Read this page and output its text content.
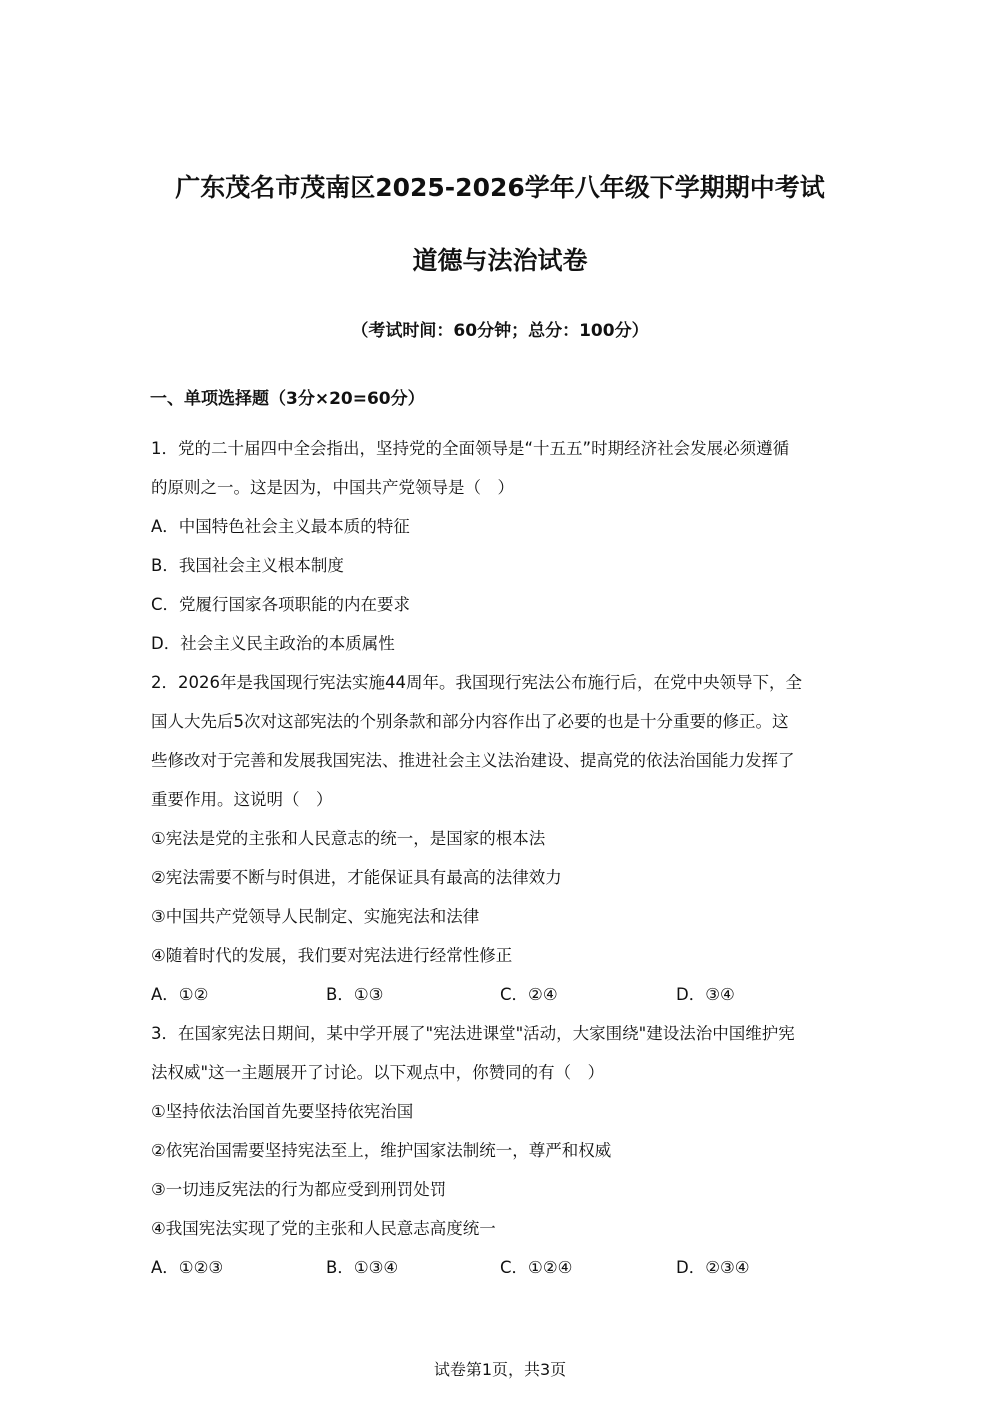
广东茂名市茂南区2025-2026学年八年级下学期期中考试
道德与法治试卷
（考试时间：60分钟；总分：100分）
一、单项选择题（3分×20=60分）
1．党的二十届四中全会指出，坚持党的全面领导是“十五五”时期经济社会发展必须遵循
的原则之一。这是因为，中国共产党领导是（　）
A．中国特色社会主义最本质的特征
B．我国社会主义根本制度
C．党履行国家各项职能的内在要求
D．社会主义民主政治的本质属性
2．2026年是我国现行宪法实施44周年。我国现行宪法公布施行后，在党中央领导下，全
国人大先后5次对这部宪法的个别条款和部分内容作出了必要的也是十分重要的修正。这
些修改对于完善和发展我国宪法、推进社会主义法治建设、提高党的依法治国能力发挥了
重要作用。这说明（　）
①宪法是党的主张和人民意志的统一，是国家的根本法
②宪法需要不断与时俱进，才能保证具有最高的法律效力
③中国共产党领导人民制定、实施宪法和法律
④随着时代的发展，我们要对宪法进行经常性修正
A．①②	B．①③	C．②④	D．③④
3．在国家宪法日期间，某中学开展了"宪法进课堂"活动，大家围绕"建设法治中国维护宪
法权威"这一主题展开了讨论。以下观点中，你赞同的有（　）
①坚持依法治国首先要坚持依宪治国
②依宪治国需要坚持宪法至上，维护国家法制统一，尊严和权威
③一切违反宪法的行为都应受到刑罚处罚
④我国宪法实现了党的主张和人民意志高度统一
A．①②③	B．①③④	C．①②④	D．②③④
试卷第1页，共3页
